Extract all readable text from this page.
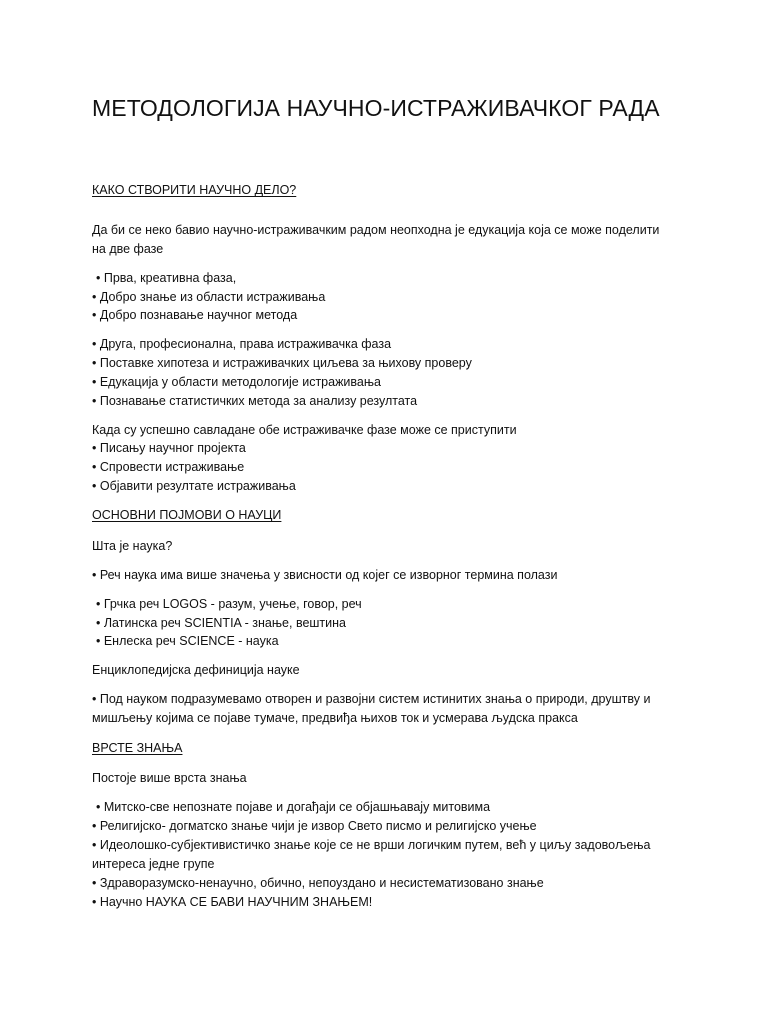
МЕТОДОЛОГИЈА НАУЧНО-ИСТРАЖИВАЧКОГ РАДА

КАКО СТВОРИТИ НАУЧНО ДЕЛО?

Да би се неко бавио научно-истраживачким радом неопходна је едукација која се може поделити

на две фазе

• Прва, креативна фаза,

• Добро знање из области истраживања

• Добро познавање научног метода

• Друга, професионална, права истраживачка фаза

• Поставке хипотеза и истраживачких циљева за њихову проверу

• Едукација у области методологије истраживања

• Познавање статистичких метода за анализу резултата

Када су успешно савладане обе истраживачке фазе може се приступити

• Писању научног пројекта

• Спровести истраживање

• Објавити резултате истраживања

ОСНОВНИ ПОЈМОВИ О НАУЦИ

Шта је наука?

• Реч наука има више значења у звисности од којег се изворног термина полази

• Грчка реч LOGOS - разум, учење, говор, реч

• Латинска реч SCIENTIA - знање, вештина

• Енлеска реч SCIENCE - наука

Енциклопедијска дефиниција науке

• Под науком подразумевамо отворен и развојни систем истинитих знања о природи, друштву и

мишљењу којима се појаве тумаче, предвиђа њихов ток и усмерава људска пракса

ВРСТЕ ЗНАЊА

Постоје више врста знања

• Митско-све непознате појаве и догађаји се објашњавају митовима

• Религијско- догматско знање чији је извор Свето писмо и религијско учење

• Идеолошко-субјективистичко знање које се не врши логичким путем, већ у циљу задовољења

интереса једне групе

• Здраворазумско-ненаучно, обично, непоуздано и несистематизовано знање

• Научно НАУКА СЕ БАВИ НАУЧНИМ ЗНАЊЕМ!
